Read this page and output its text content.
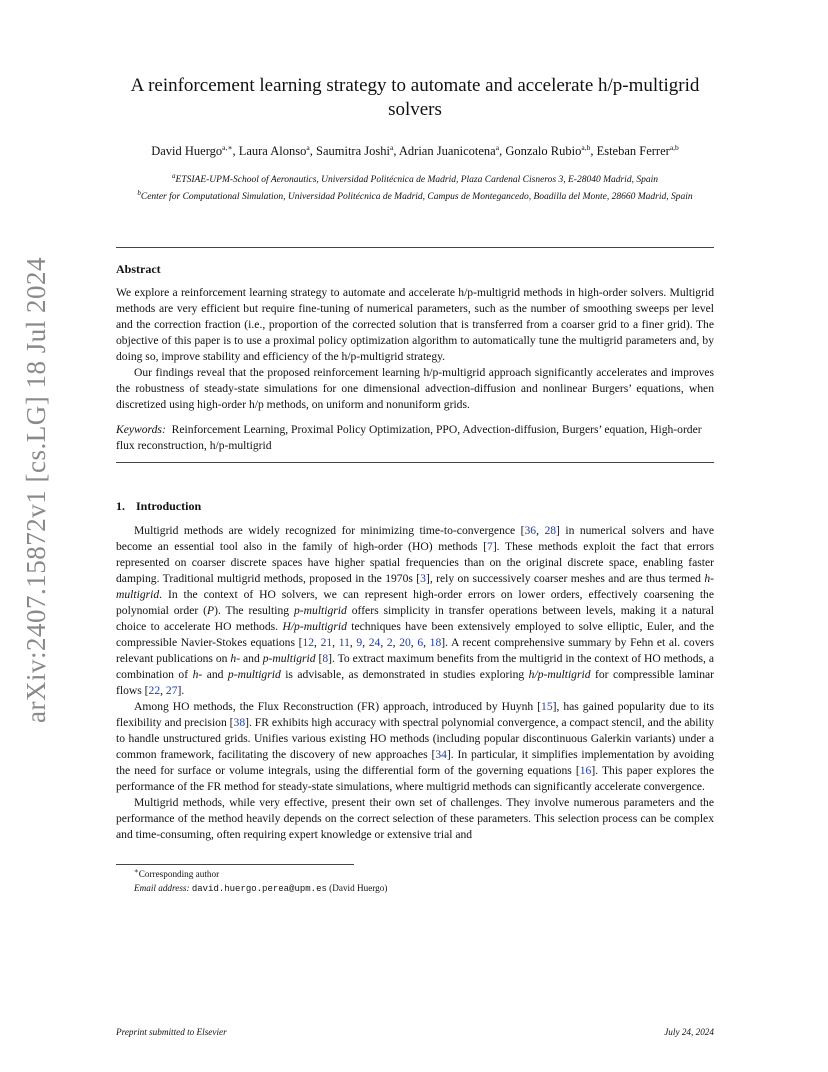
arXiv:2407.15872v1 [cs.LG] 18 Jul 2024
A reinforcement learning strategy to automate and accelerate h/p-multigrid solvers
David Huergo$^{a,∗}$, Laura Alonso$^a$, Saumitra Joshi$^a$, Adrian Juanicotena$^a$, Gonzalo Rubio$^{a,b}$, Esteban Ferrer$^{a,b}$
$^a$ETSIAE-UPM-School of Aeronautics, Universidad Politécnica de Madrid, Plaza Cardenal Cisneros 3, E-28040 Madrid, Spain
$^b$Center for Computational Simulation, Universidad Politécnica de Madrid, Campus de Montegancedo, Boadilla del Monte, 28660 Madrid, Spain
Abstract

We explore a reinforcement learning strategy to automate and accelerate h/p-multigrid methods in high-order solvers. Multigrid methods are very efficient but require fine-tuning of numerical parameters, such as the number of smoothing sweeps per level and the correction fraction (i.e., proportion of the corrected solution that is transferred from a coarser grid to a finer grid). The objective of this paper is to use a proximal policy optimization algorithm to automatically tune the multigrid parameters and, by doing so, improve stability and efficiency of the h/p-multigrid strategy.

Our findings reveal that the proposed reinforcement learning h/p-multigrid approach significantly accelerates and improves the robustness of steady-state simulations for one dimensional advection-diffusion and nonlinear Burgers’ equations, when discretized using high-order h/p methods, on uniform and nonuniform grids.

Keywords: Reinforcement Learning, Proximal Policy Optimization, PPO, Advection-diffusion, Burgers’ equation, High-order flux reconstruction, h/p-multigrid
1. Introduction

Multigrid methods are widely recognized for minimizing time-to-convergence [36, 28] in numerical solvers and have become an essential tool also in the family of high-order (HO) methods [7]. These methods exploit the fact that errors represented on coarser discrete spaces have higher spatial frequencies than on the original discrete space, enabling faster damping. Traditional multigrid methods, proposed in the 1970s [3], rely on successively coarser meshes and are thus termed h-multigrid. In the context of HO solvers, we can represent high-order errors on lower orders, effectively coarsening the polynomial order (P). The resulting p-multigrid offers simplicity in transfer operations between levels, making it a natural choice to accelerate HO methods. H/p-multigrid techniques have been extensively employed to solve elliptic, Euler, and the compressible Navier-Stokes equations [12, 21, 11, 9, 24, 2, 20, 6, 18]. A recent comprehensive summary by Fehn et al. covers relevant publications on h- and p-multigrid [8]. To extract maximum benefits from the multigrid in the context of HO methods, a combination of h- and p-multigrid is advisable, as demonstrated in studies exploring h/p-multigrid for compressible laminar flows [22, 27].

Among HO methods, the Flux Reconstruction (FR) approach, introduced by Huynh [15], has gained popularity due to its flexibility and precision [38]. FR exhibits high accuracy with spectral polynomial convergence, a compact stencil, and the ability to handle unstructured grids. Unifies various existing HO methods (including popular discontinuous Galerkin variants) under a common framework, facilitating the discovery of new approaches [34]. In particular, it simplifies implementation by avoiding the need for surface or volume integrals, using the differential form of the governing equations [16]. This paper explores the performance of the FR method for steady-state simulations, where multigrid methods can significantly accelerate convergence.

Multigrid methods, while very effective, present their own set of challenges. They involve numerous parameters and the performance of the method heavily depends on the correct selection of these parameters. This selection process can be complex and time-consuming, often requiring expert knowledge or extensive trial and

∗Corresponding author
Email address: david.huergo.perea@upm.es (David Huergo)
Preprint submitted to Elsevier	July 24, 2024
